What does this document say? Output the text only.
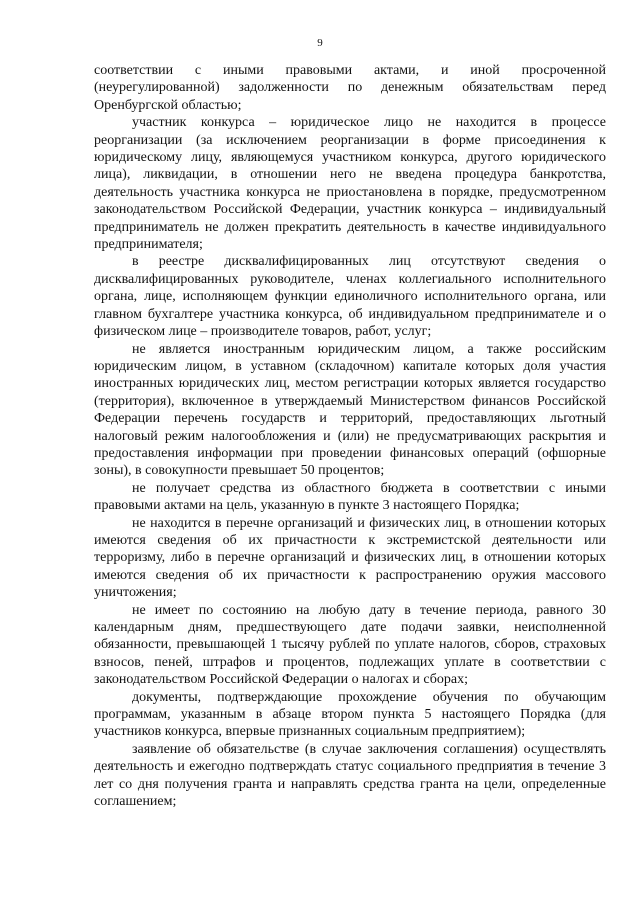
9

соответствии с иными правовыми актами, и иной просроченной (неурегулированной) задолженности по денежным обязательствам перед Оренбургской областью;

участник конкурса – юридическое лицо не находится в процессе реорганизации (за исключением реорганизации в форме присоединения к юридическому лицу, являющемуся участником конкурса, другого юридического лица), ликвидации, в отношении него не введена процедура банкротства, деятельность участника конкурса не приостановлена в порядке, предусмотренном законодательством Российской Федерации, участник конкурса – индивидуальный предприниматель не должен прекратить деятельность в качестве индивидуального предпринимателя;

в реестре дисквалифицированных лиц отсутствуют сведения о дисквалифицированных руководителе, членах коллегиального исполнительного органа, лице, исполняющем функции единоличного исполнительного органа, или главном бухгалтере участника конкурса, об индивидуальном предпринимателе и о физическом лице – производителе товаров, работ, услуг;

не является иностранным юридическим лицом, а также российским юридическим лицом, в уставном (складочном) капитале которых доля участия иностранных юридических лиц, местом регистрации которых является государство (территория), включенное в утверждаемый Министерством финансов Российской Федерации перечень государств и территорий, предоставляющих льготный налоговый режим налогообложения и (или) не предусматривающих раскрытия и предоставления информации при проведении финансовых операций (офшорные зоны), в совокупности превышает 50 процентов;

не получает средства из областного бюджета в соответствии с иными правовыми актами на цель, указанную в пункте 3 настоящего Порядка;

не находится в перечне организаций и физических лиц, в отношении которых имеются сведения об их причастности к экстремистской деятельности или терроризму, либо в перечне организаций и физических лиц, в отношении которых имеются сведения об их причастности к распространению оружия массового уничтожения;

не имеет по состоянию на любую дату в течение периода, равного 30 календарным дням, предшествующего дате подачи заявки, неисполненной обязанности, превышающей 1 тысячу рублей по уплате налогов, сборов, страховых взносов, пеней, штрафов и процентов, подлежащих уплате в соответствии с законодательством Российской Федерации о налогах и сборах;

документы, подтверждающие прохождение обучения по обучающим программам, указанным в абзаце втором пункта 5 настоящего Порядка (для участников конкурса, впервые признанных социальным предприятием);

заявление об обязательстве (в случае заключения соглашения) осуществлять деятельность и ежегодно подтверждать статус социального предприятия в течение 3 лет со дня получения гранта и направлять средства гранта на цели, определенные соглашением;
